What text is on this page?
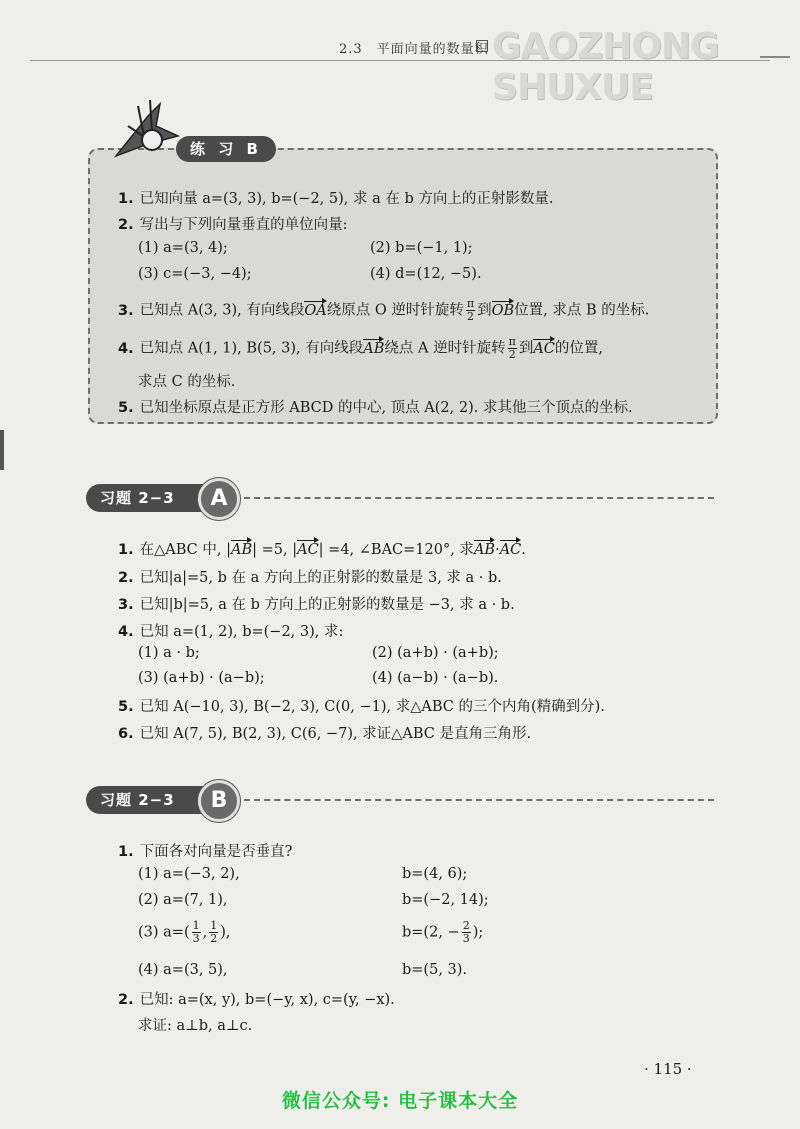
GAOZHONG SHUXUE
2.3　平面向量的数量积
练 习 B
1. 已知向量 a=(3, 3), b=(−2, 5), 求 a 在 b 方向上的正射影数量.
2. 写出与下列向量垂直的单位向量:
(1) a=(3, 4);	(2) b=(−1, 1);
(3) c=(−3, −4);	(4) d=(12, −5).
3. 已知点 A(3, 3), 有向线段OA绕原点 O 逆时针旋转 $\frac{\pi}{2}$ 到OB位置, 求点 B 的坐标.
4. 已知点 A(1, 1), B(5, 3), 有向线段AB绕点 A 逆时针旋转 $\frac{\pi}{2}$ 到AC的位置,
求点 C 的坐标.
5. 已知坐标原点是正方形 ABCD 的中心, 顶点 A(2, 2). 求其他三个顶点的坐标.
习题 2−3	A
1. 在△ABC 中, |AB| =5, |AC| =4, ∠BAC=120°, 求AB·AC.
2. 已知|a|=5, b 在 a 方向上的正射影的数量是 3, 求 a · b.
3. 已知|b|=5, a 在 b 方向上的正射影的数量是 −3, 求 a · b.
4. 已知 a=(1, 2), b=(−2, 3), 求:
(1) a · b;	(2) (a+b) · (a+b);
(3) (a+b) · (a−b);	(4) (a−b) · (a−b).
5. 已知 A(−10, 3), B(−2, 3), C(0, −1), 求△ABC 的三个内角(精确到分).
6. 已知 A(7, 5), B(2, 3), C(6, −7), 求证△ABC 是直角三角形.
习题 2−3	B
1. 下面各对向量是否垂直?
(1) a=(−3, 2),	b=(4, 6);
(2) a=(7, 1),	b=(−2, 14);
(3) $a=( \frac{1}{3}$ , $\frac{1}{2}$ ),	b=(2, − $\frac{2}{3}$ );
(4) a=(3, 5),	b=(5, 3).
2. 已知: a=(x, y), b=(−y, x), c=(y, −x).
求证: a⊥b, a⊥c.
· 115 ·
微信公众号: 电子课本大全
